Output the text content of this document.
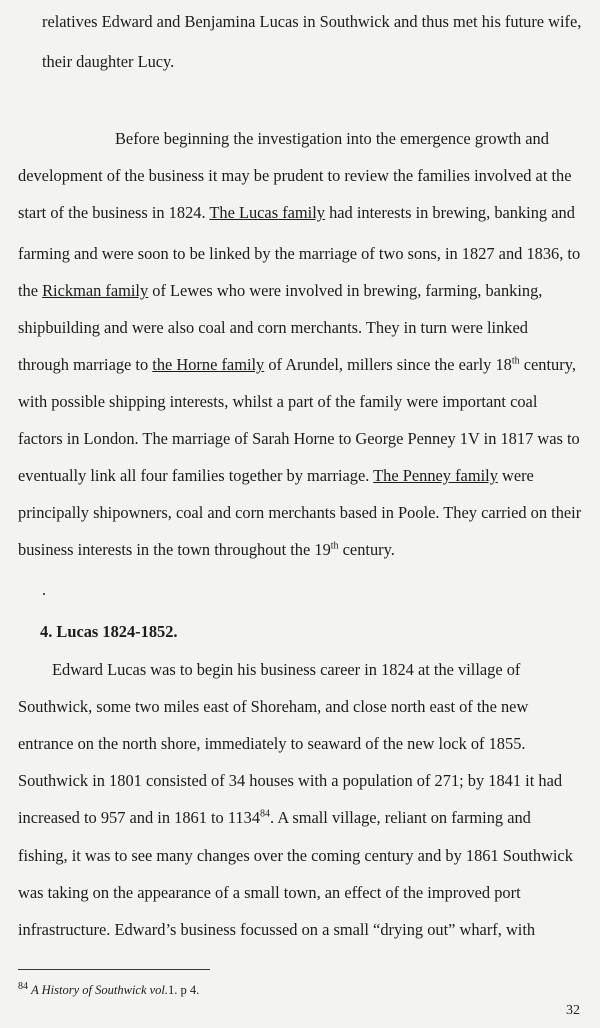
relatives Edward and Benjamina Lucas in Southwick and thus met his future wife,
their daughter Lucy.
Before beginning the investigation into the emergence growth and
development of the business it may be prudent to review the families involved at the
start of the business in 1824. The Lucas family had interests in brewing, banking and
farming and were soon to be linked by the marriage of two sons, in 1827 and 1836, to
the Rickman family of Lewes who were involved in brewing, farming, banking,
shipbuilding and were also coal and corn merchants. They in turn were linked
through marriage to the Horne family of Arundel, millers since the early 18th century,
with possible shipping interests, whilst a part of the family were important coal
factors in London. The marriage of Sarah Horne to George Penney 1V in 1817 was to
eventually link all four families together by marriage. The Penney family were
principally shipowners, coal and corn merchants based in Poole. They carried on their
business interests in the town throughout the 19th century.
.
4. Lucas 1824-1852.
Edward Lucas was to begin his business career in 1824 at the village of
Southwick, some two miles east of Shoreham, and close north east of the new
entrance on the north shore, immediately to seaward of the new lock of 1855.
Southwick in 1801 consisted of 34 houses with a population of 271; by 1841 it had
increased to 957 and in 1861 to 1134$^{84}$. A small village, reliant on farming and
fishing, it was to see many changes over the coming century and by 1861 Southwick
was taking on the appearance of a small town, an effect of the improved port
infrastructure. Edward’s business focussed on a small “drying out” wharf, with
$^{84}$ A History of Southwick vol.1. p 4.
32
